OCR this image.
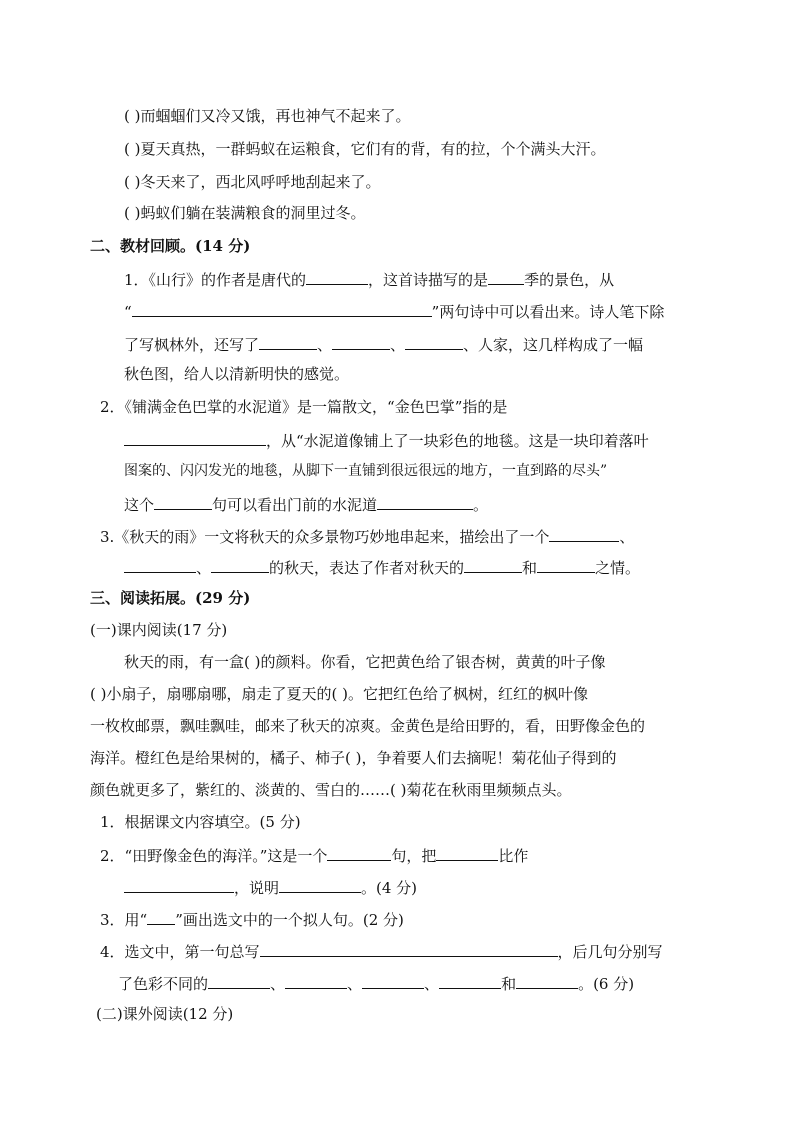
( )而蝈蝈们又冷又饿，再也神气不起来了。
( )夏天真热，一群蚂蚁在运粮食，它们有的背，有的拉，个个满头大汗。
( )冬天来了，西北风呼呼地刮起来了。
( )蚂蚁们躺在装满粮食的洞里过冬。
二、教材回顾。(14 分)
1．《山行》的作者是唐代的	，这首诗描写的是 季的景色，从
“	”两句诗中可以看出来。诗人笔下除
了写枫林外，还写了	、	、	、人家，这几样构成了一幅
秋色图，给人以清新明快的感觉。
2．《铺满金色巴掌的水泥道》是一篇散文，“金色巴掌”指的是
，从“水泥道像铺上了一块彩色的地毯。这是一块印着落叶
图案的、闪闪发光的地毯，从脚下一直铺到很远很远的地方，一直到路的尽头”
这个	句可以看出门前的水泥道	。
3.《秋天的雨》一文将秋天的众多景物巧妙地串起来，描绘出了一个	、
、	的秋天，表达了作者对秋天的	和	之情。
三、阅读拓展。(29 分)
(一)课内阅读(17 分)
秋天的雨，有一盒( )的颜料。你看，它把黄色给了银杏树，黄黄的叶子像
( )小扇子，扇哪扇哪，扇走了夏天的( )。它把红色给了枫树，红红的枫叶像
一枚枚邮票，飘哇飘哇，邮来了秋天的凉爽。金黄色是给田野的，看，田野像金色的
海洋。橙红色是给果树的，橘子、柿子( )，争着要人们去摘呢！菊花仙子得到的
颜色就更多了，紫红的、淡黄的、雪白的……( )菊花在秋雨里频频点头。
1．根据课文内容填空。(5 分)
2．“田野像金色的海洋。”这是一个	句，把	比作
，说明	。(4 分)
3．用“ ”画出选文中的一个拟人句。(2 分)
4．选文中，第一句总写	，后几句分别写
了色彩不同的	、	、	、	和	。(6 分)
(二)课外阅读(12 分)
